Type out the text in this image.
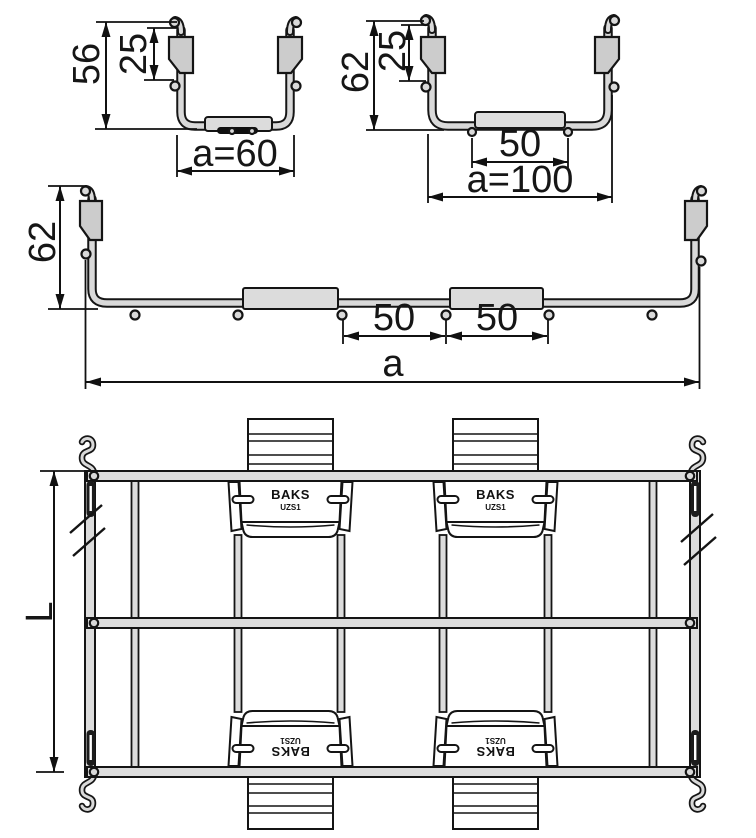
56 25
a=60
62
25
50
a=100
62
50 50
a
L
BAKS
UZS1
BAKS
UZS1
BAKS
UZS1
BAKS
UZS1
